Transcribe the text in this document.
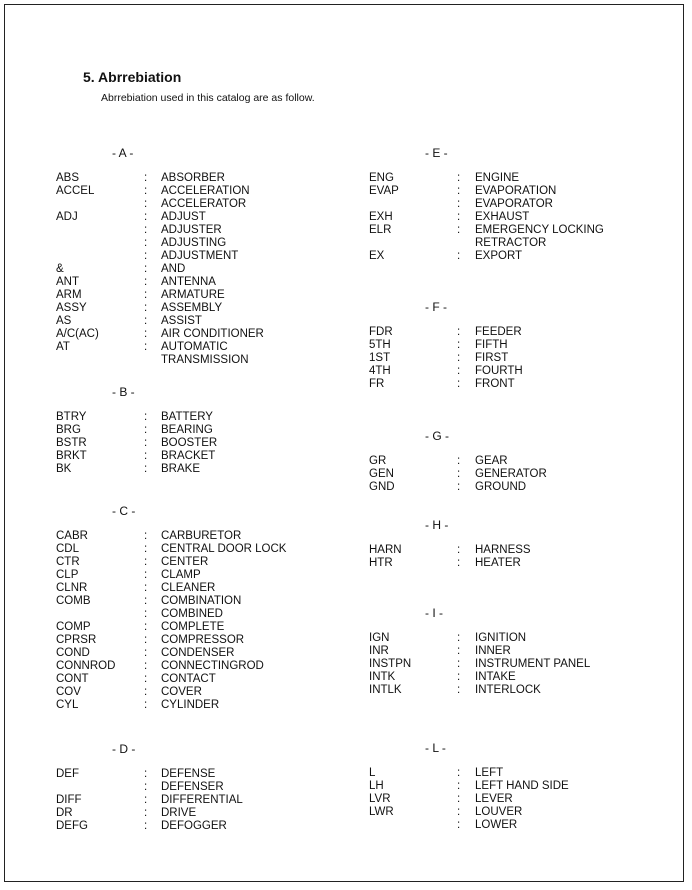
5. Abrrebiation
Abrrebiation used in this catalog are as follow.
- A -
ABS	: ABSORBER
ACCEL	: ACCELERATION
: ACCELERATOR
ADJ	: ADJUST
: ADJUSTER
: ADJUSTING
: ADJUSTMENT
&	: AND
ANT	: ANTENNA
ARM	: ARMATURE
ASSY	: ASSEMBLY
AS	: ASSIST
A/C(AC)	: AIR CONDITIONER
AT	: AUTOMATIC
TRANSMISSION
- B -
BTRY	: BATTERY
BRG	: BEARING
BSTR	: BOOSTER
BRKT	: BRACKET
BK	: BRAKE
- C -
CABR	: CARBURETOR
CDL	: CENTRAL DOOR LOCK
CTR	: CENTER
CLP	: CLAMP
CLNR	: CLEANER
COMB	: COMBINATION
: COMBINED
COMP	: COMPLETE
CPRSR	: COMPRESSOR
COND	: CONDENSER
CONNROD : CONNECTINGROD
CONT	: CONTACT
COV	: COVER
CYL	: CYLINDER
- D -
DEF	: DEFENSE
: DEFENSER
DIFF	: DIFFERENTIAL
DR	: DRIVE
DEFG	: DEFOGGER
- E -
ENG	: ENGINE
EVAP	: EVAPORATION
: EVAPORATOR
EXH	: EXHAUST
ELR	: EMERGENCY LOCKING
RETRACTOR
EX	: EXPORT
- F -
FDR	: FEEDER
5TH	: FIFTH
1ST	: FIRST
4TH	: FOURTH
FR	: FRONT
- G -
GR	: GEAR
GEN	: GENERATOR
GND	: GROUND
- H -
HARN	: HARNESS
HTR	: HEATER
- I -
IGN	: IGNITION
INR	: INNER
INSTPN	: INSTRUMENT PANEL
INTK	: INTAKE
INTLK	: INTERLOCK
- L -
L	: LEFT
LH	: LEFT HAND SIDE
LVR	: LEVER
LWR	: LOUVER
: LOWER
